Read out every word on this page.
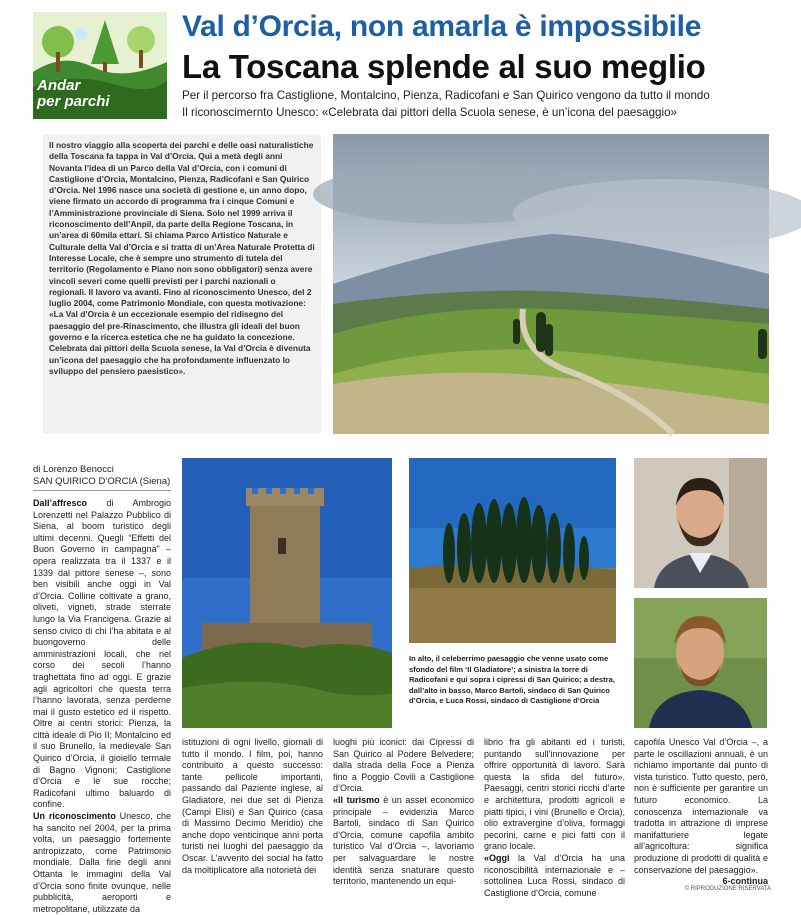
Andar
per parchi
Val d’Orcia, non amarla è impossibile
La Toscana splende al suo meglio
Per il percorso fra Castiglione, Montalcino, Pienza, Radicofani e San Quirico vengono da tutto il mondo
Il riconoscimernto Unesco: «Celebrata dai pittori della Scuola senese, è un’icona del paesaggio»

Il nostro viaggio alla scoperta dei parchi e delle oasi naturalistiche della Toscana fa tappa in Val d’Orcia. Qui a metà degli anni Novanta l’idea di un Parco della Val d’Orcia, con i comuni di Castiglione d’Orcia, Montalcino, Pienza, Radicofani e San Quirico d’Orcia. Nel 1996 nasce una società di gestione e, un anno dopo, viene firmato un accordo di programma fra i cinque Comuni e l’Amministrazione provinciale di Siena. Solo nel 1999 arriva il riconoscimento dell’Anpil, da parte della Regione Toscana, in un’area di 60mila ettari. Si chiama Parco Artistico Naturale e Culturale della Val d’Orcia e si tratta di un’Area Naturale Protetta di Interesse Locale, che è sempre uno strumento di tutela del territorio (Regolamento e Piano non sono obbligatori) senza avere vincoli severi come quelli previsti per i parchi nazionali o regionali. Il lavoro va avanti. Fino al riconoscimento Unesco, del 2 luglio 2004, come Patrimonio Mondiale, con questa motivazione: «La Val d’Orcia è un eccezionale esempio del ridisegno del paesaggio del pre-Rinascimento, che illustra gli ideali del buon governo e la ricerca estetica che ne ha guidato la concezione. Celebrata dai pittori della Scuola senese, la Val d’Orcia è divenuta un’icona del paesaggio che ha profondamente influenzato lo sviluppo del pensiero paesistico».

di Lorenzo Benocci
SAN QUIRICO D’ORCIA (Siena)

Dall’affresco di Ambrogio Lorenzetti nel Palazzo Pubblico di Siena, al boom turistico degli ultimi decenni. Quegli “Effetti del Buon Governo in campagna” – opera realizzata tra il 1337 e il 1339 dal pittore senese –, sono ben visibili anche oggi in Val d’Orcia. Colline coltivate a grano, oliveti, vigneti, strade sterrate lungo la Via Francigena. Grazie al senso civico di chi l’ha abitata e al buongoverno delle amministrazioni locali, che nel corso dei secoli l’hanno traghettata fino ad oggi. E grazie agli agricoltori che questa terra l’hanno lavorata, senza perderne mai il gusto estetico ed il rispetto. Oltre ai centri storici: Pienza, la città ideale di Pio II; Montalcino ed il suo Brunello, la medievale San Quirico d’Orcia, il gioiello termale di Bagno Vignoni; Castiglione d’Orcia e le sue rocche; Radicofani ultimo baluardo di confine.

Un riconoscimento Unesco, che ha sancito nel 2004, per la prima volta, un paesaggio fortemente antropizzato, come Patrimonio mondiale. Dalla fine degli anni Ottanta le immagini della Val d’Orcia sono finite ovunque, nelle pubblicità, aeroporti e metropolitane, utilizzate da

In alto, il celeberrimo paesaggio che venne usato come sfondo del film ‘Il Gladiatore’; a sinistra la torre di Radicofani e qui sopra i cipressi di San Quirico; a destra, dall’alto in basso, Marco Bartoli, sindaco di San Quirico d’Orcia, e Luca Rossi, sindaco di Castiglione d’Orcia

istituzioni di ogni livello, giornali di tutto il mondo. I film, poi, hanno contribuito a questo successo: tante pellicole importanti, passando dal Paziente inglese, al Gladiatore, nei due set di Pienza (Campi Elisi) e San Quirico (casa di Massimo Decimo Meridio) che anche dopo venticinque anni porta turisti nei luoghi del paesaggio da Oscar. L’avvento dei social ha fatto da moltiplicatore alla notorietà dei

luoghi più iconici: dai Cipressi di San Quirico al Podere Belvedere; dalla strada della Foce a Pienza fino a Poggio Covili a Castiglione d’Orcia.

«Il turismo è un asset economico principale – evidenzia Marco Bartoli, sindaco di San Quirico d’Orcia, comune capofila ambito turistico Val d’Orcia –, lavoriamo per salvaguardare le nostre identità senza snaturare questo territorio, mantenendo un equi-

librio fra gli abitanti ed i turisti, puntando sull’innovazione per offrire opportunità di lavoro. Sarà questa la sfida del futuro». Paesaggi, centri storici ricchi d’arte e architettura, prodotti agricoli e piatti tipici, i vini (Brunello e Orcia), olio extravergine d’oliva, formaggi pecorini, carne e pici fatti con il grano locale.

«Oggi la Val d’Orcia ha una riconoscibilità internazionale e – sottolinea Luca Rossi, sindaco di Castiglione d’Orcia, comune

capofila Unesco Val d’Orcia –, a parte le oscillazioni annuali, è un richiamo importante dal punto di vista turistico. Tutto questo, però, non è sufficiente per garantire un futuro economico. La conoscenza internazionale va tradotta in attrazione di imprese manifatturiere legate all’agricoltura: significa produzione di prodotti di qualità e conservazione del paesaggio».

6-continua

© RIPRODUZIONE RISERVATA
